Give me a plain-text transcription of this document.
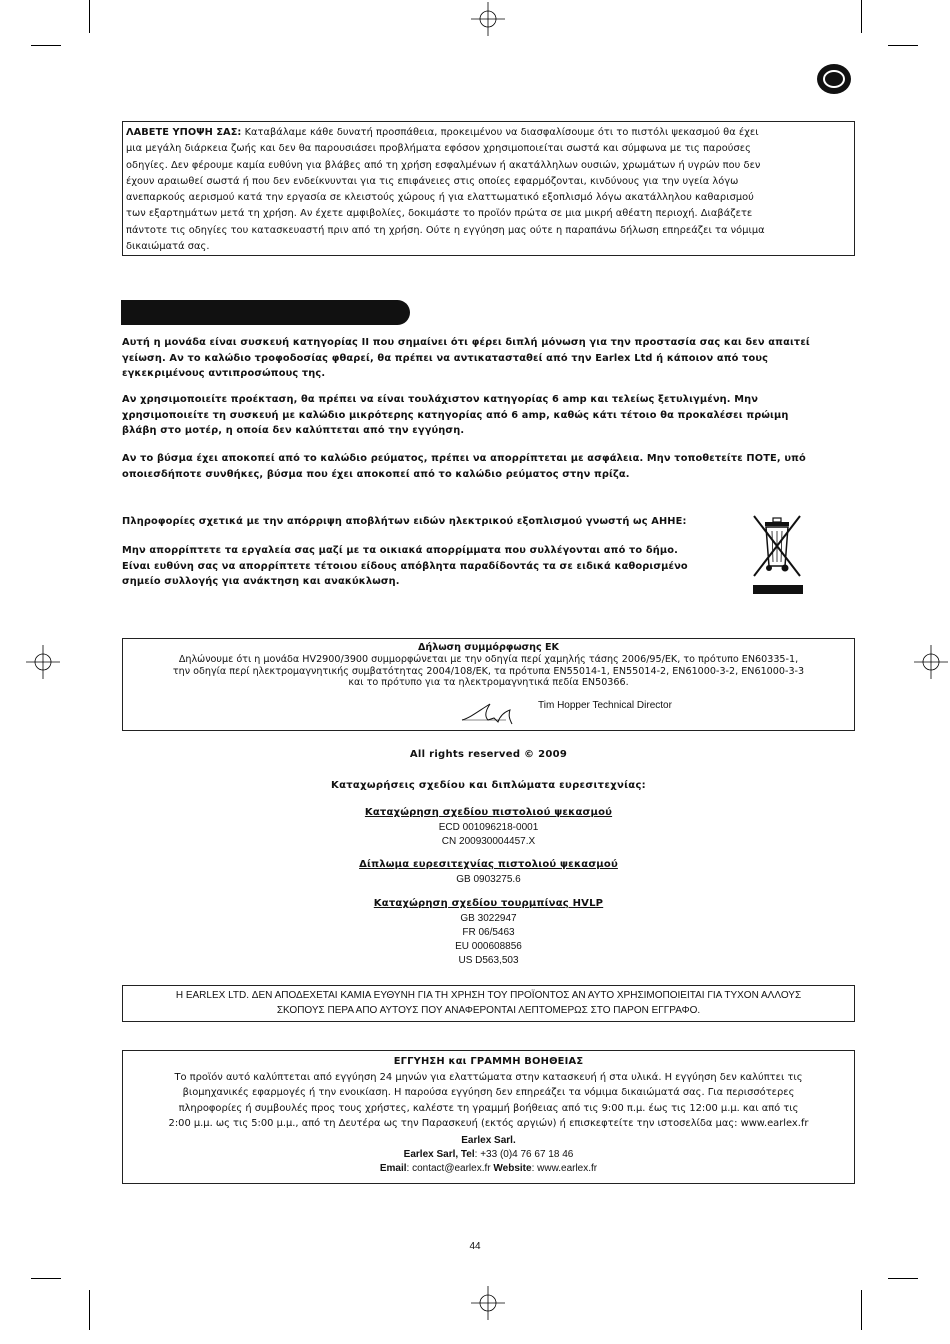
ΛΑΒΕΤΕ ΥΠΟΨΗ ΣΑΣ: Καταβάλαμε κάθε δυνατή προσπάθεια, προκειμένου να διασφαλίσουμε ότι το πιστόλι ψεκασμού θα έχει
μια μεγάλη διάρκεια ζωής και δεν θα παρουσιάσει προβλήματα εφόσον χρησιμοποιείται σωστά και σύμφωνα με τις παρούσες
οδηγίες. Δεν φέρουμε καμία ευθύνη για βλάβες από τη χρήση εσφαλμένων ή ακατάλληλων ουσιών, χρωμάτων ή υγρών που δεν
έχουν αραιωθεί σωστά ή που δεν ενδείκνυνται για τις επιφάνειες στις οποίες εφαρμόζονται, κινδύνους για την υγεία λόγω
ανεπαρκούς αερισμού κατά την εργασία σε κλειστούς χώρους ή για ελαττωματικό εξοπλισμό λόγω ακατάλληλου καθαρισμού
των εξαρτημάτων μετά τη χρήση. Αν έχετε αμφιβολίες, δοκιμάστε το προϊόν πρώτα σε μια μικρή αθέατη περιοχή. Διαβάζετε
πάντοτε τις οδηγίες του κατασκευαστή πριν από τη χρήση. Ούτε η εγγύηση μας ούτε η παραπάνω δήλωση επηρεάζει τα νόμιμα
δικαιώματά σας.
Αυτή η μονάδα είναι συσκευή κατηγορίας II που σημαίνει ότι φέρει διπλή μόνωση για την προστασία σας και δεν απαιτεί
γείωση. Αν το καλώδιο τροφοδοσίας φθαρεί, θα πρέπει να αντικατασταθεί από την Earlex Ltd ή κάποιον από τους
εγκεκριμένους αντιπροσώπους της.
Αν χρησιμοποιείτε προέκταση, θα πρέπει να είναι τουλάχιστον κατηγορίας 6 amp και τελείως ξετυλιγμένη. Μην
χρησιμοποιείτε τη συσκευή με καλώδιο μικρότερης κατηγορίας από 6 amp, καθώς κάτι τέτοιο θα προκαλέσει πρώιμη
βλάβη στο μοτέρ, η οποία δεν καλύπτεται από την εγγύηση.
Αν το βύσμα έχει αποκοπεί από το καλώδιο ρεύματος, πρέπει να απορρίπτεται με ασφάλεια. Μην τοποθετείτε ΠΟΤΕ, υπό
οποιεσδήποτε συνθήκες, βύσμα που έχει αποκοπεί από το καλώδιο ρεύματος στην πρίζα.
Πληροφορίες σχετικά με την απόρριψη αποβλήτων ειδών ηλεκτρικού εξοπλισμού γνωστή ως ΑΗΗΕ:
Μην απορρίπτετε τα εργαλεία σας μαζί με τα οικιακά απορρίμματα που συλλέγονται από το δήμο.
Είναι ευθύνη σας να απορρίπτετε τέτοιου είδους απόβλητα παραδίδοντάς τα σε ειδικά καθορισμένο
σημείο συλλογής για ανάκτηση και ανακύκλωση.
Δήλωση συμμόρφωσης ΕΚ
Δηλώνουμε ότι η μονάδα HV2900/3900 συμμορφώνεται με την οδηγία περί χαμηλής τάσης 2006/95/ΕΚ, το πρότυπο EN60335-1,
την οδηγία περί ηλεκτρομαγνητικής συμβατότητας 2004/108/ΕΚ, τα πρότυπα EN55014-1, EN55014-2, EN61000-3-2, EN61000-3-3
και το πρότυπο για τα ηλεκτρομαγνητικά πεδία EN50366.
Tim Hopper Technical Director
All rights reserved © 2009
Καταχωρήσεις σχεδίου και διπλώματα ευρεσιτεχνίας:
Καταχώρηση σχεδίου πιστολιού ψεκασμού
ECD 001096218-0001
CN 200930004457.X
Δίπλωμα ευρεσιτεχνίας πιστολιού ψεκασμού
GB 0903275.6
Καταχώρηση σχεδίου τουρμπίνας HVLP
GB 3022947
FR 06/5463
EU 000608856
US D563,503
Η EARLEX LTD. ΔΕΝ ΑΠΟΔΕΧΕΤΑΙ ΚΑΜΙΑ ΕΥΘΥΝΗ ΓΙΑ ΤΗ ΧΡΗΣΗ ΤΟΥ ΠΡΟΪΟΝΤΟΣ ΑΝ ΑΥΤΟ ΧΡΗΣΙΜΟΠΟΙΕΙΤΑΙ ΓΙΑ ΤΥΧΟΝ ΑΛΛΟΥΣ
ΣΚΟΠΟΥΣ ΠΕΡΑ ΑΠΟ ΑΥΤΟΥΣ ΠΟΥ ΑΝΑΦΕΡΟΝΤΑΙ ΛΕΠΤΟΜΕΡΩΣ ΣΤΟ ΠΑΡΟΝ ΕΓΓΡΑΦΟ.
ΕΓΓΥΗΣΗ και ΓΡΑΜΜΗ ΒΟΗΘΕΙΑΣ
Το προϊόν αυτό καλύπτεται από εγγύηση 24 μηνών για ελαττώματα στην κατασκευή ή στα υλικά. Η εγγύηση δεν καλύπτει τις
βιομηχανικές εφαρμογές ή την ενοικίαση. Η παρούσα εγγύηση δεν επηρεάζει τα νόμιμα δικαιώματά σας. Για περισσότερες
πληροφορίες ή συμβουλές προς τους χρήστες, καλέστε τη γραμμή βοήθειας από τις 9:00 π.μ. έως τις 12:00 μ.μ. και από τις
2:00 μ.μ. ως τις 5:00 μ.μ., από τη Δευτέρα ως την Παρασκευή (εκτός αργιών) ή επισκεφτείτε την ιστοσελίδα μας: www.earlex.fr
Earlex Sarl.
Earlex Sarl, Tel: +33 (0)4 76 67 18 46
Email: contact@earlex.fr Website: www.earlex.fr
44
